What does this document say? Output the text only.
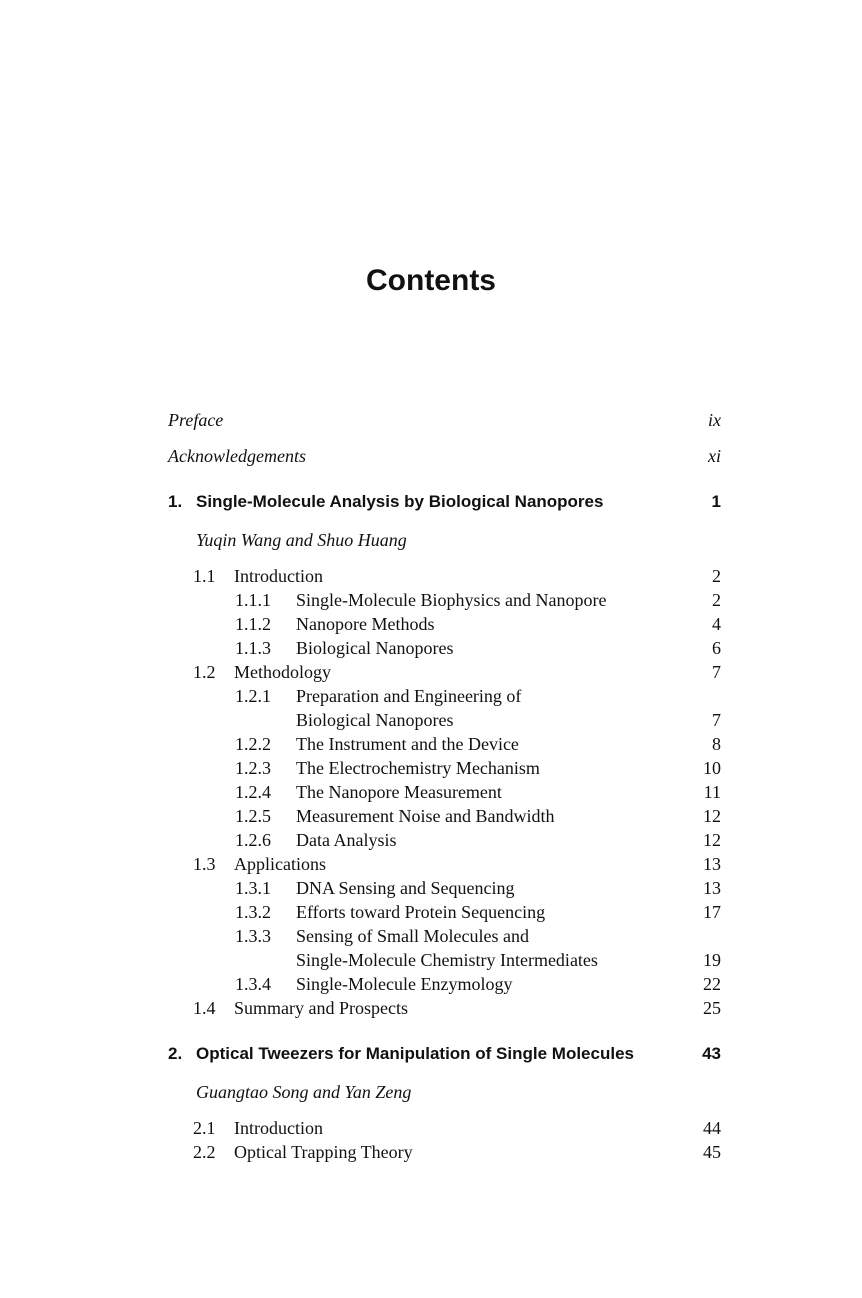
Contents
Preface	ix
Acknowledgements	xi
1. Single-Molecule Analysis by Biological Nanopores	1
Yuqin Wang and Shuo Huang
1.1 Introduction	2
1.1.1 Single-Molecule Biophysics and Nanopore	2
1.1.2 Nanopore Methods	4
1.1.3 Biological Nanopores	6
1.2 Methodology	7
1.2.1 Preparation and Engineering of
Biological Nanopores	7
1.2.2 The Instrument and the Device	8
1.2.3 The Electrochemistry Mechanism	10
1.2.4 The Nanopore Measurement	11
1.2.5 Measurement Noise and Bandwidth	12
1.2.6 Data Analysis	12
1.3 Applications	13
1.3.1 DNA Sensing and Sequencing	13
1.3.2 Efforts toward Protein Sequencing	17
1.3.3 Sensing of Small Molecules and
Single-Molecule Chemistry Intermediates	19
1.3.4 Single-Molecule Enzymology	22
1.4 Summary and Prospects	25
2. Optical Tweezers for Manipulation of Single Molecules	43
Guangtao Song and Yan Zeng
2.1 Introduction	44
2.2 Optical Trapping Theory	45
